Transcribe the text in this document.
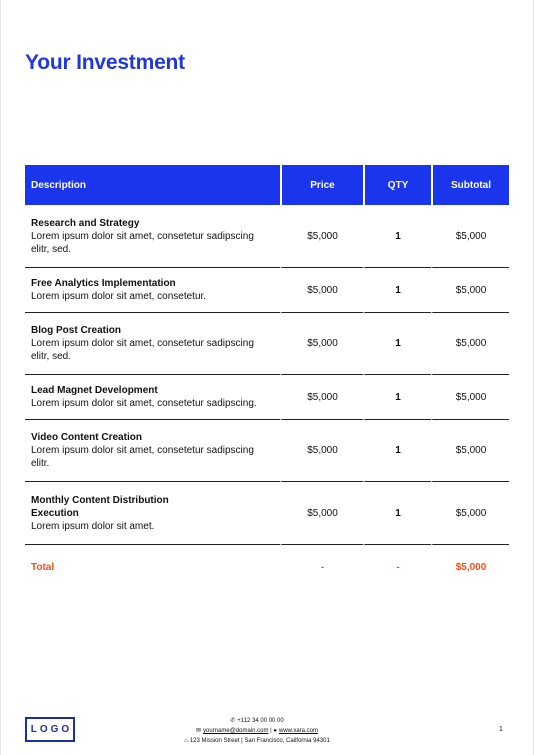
Your Investment
Description	Price	QTY	Subtotal

Research and Strategy
Lorem ipsum dolor sit amet, consetetur sadipscing elitr, sed.	$5,000	1	$5,000

Free Analytics Implementation
Lorem ipsum dolor sit amet, consetetur.	$5,000	1	$5,000

Blog Post Creation
Lorem ipsum dolor sit amet, consetetur sadipscing elitr, sed.	$5,000	1	$5,000

Lead Magnet Development
Lorem ipsum dolor sit amet, consetetur sadipscing.	$5,000	1	$5,000

Video Content Creation
Lorem ipsum dolor sit amet, consetetur sadipscing elitr.	$5,000	1	$5,000

Monthly Content Distribution Execution
Lorem ipsum dolor sit amet.	$5,000	1	$5,000
Total	-	-	$5,000
LOGO
✆ +112 34 00 00 00
✉ yourname@domain.com | ● www.xara.com
⌂ 123 Mission Street | San Francisco, California 94301
1
